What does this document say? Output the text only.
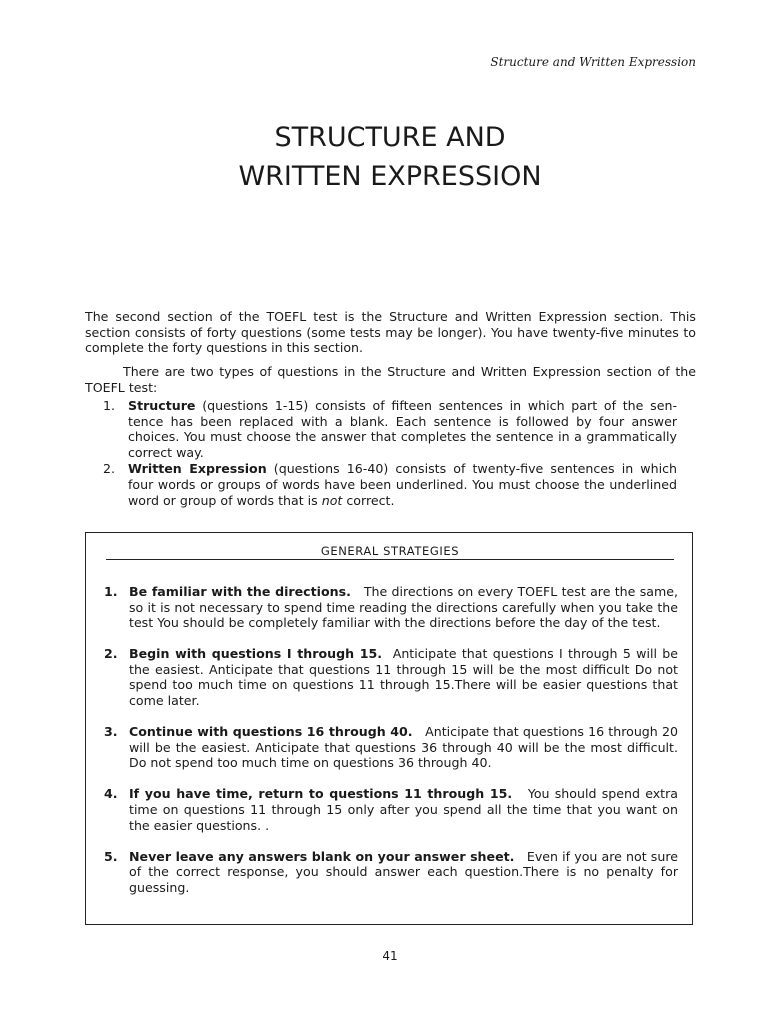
Structure and Written Expression
STRUCTURE AND
WRITTEN EXPRESSION

The second section of the TOEFL test is the Structure and Written Expression section. This section consists of forty questions (some tests may be longer). You have twenty-five minutes to complete the forty questions in this section.

There are two types of questions in the Structure and Written Expression section of the TOEFL test:

1. Structure (questions 1-15) consists of fifteen sentences in which part of the sen-tence has been replaced with a blank. Each sentence is followed by four answer choices. You must choose the answer that completes the sentence in a grammatically correct way.
2. Written Expression (questions 16-40) consists of twenty-five sentences in which four words or groups of words have been underlined. You must choose the underlined word or group of words that is not correct.
GENERAL STRATEGIES
1. Be familiar with the directions. The directions on every TOEFL test are the same, so it is not necessary to spend time reading the directions carefully when you take the test You should be completely familiar with the directions before the day of the test.
2. Begin with questions I through 15. Anticipate that questions I through 5 will be the easiest. Anticipate that questions 11 through 15 will be the most difficult Do not spend too much time on questions 11 through 15.There will be easier questions that come later.
3. Continue with questions 16 through 40. Anticipate that questions 16 through 20 will be the easiest. Anticipate that questions 36 through 40 will be the most difficult. Do not spend too much time on questions 36 through 40.
4. If you have time, return to questions 11 through 15. You should spend extra time on questions 11 through 15 only after you spend all the time that you want on the easier questions. .
5. Never leave any answers blank on your answer sheet. Even if you are not sure of the correct response, you should answer each question.There is no penalty for guessing.
41
